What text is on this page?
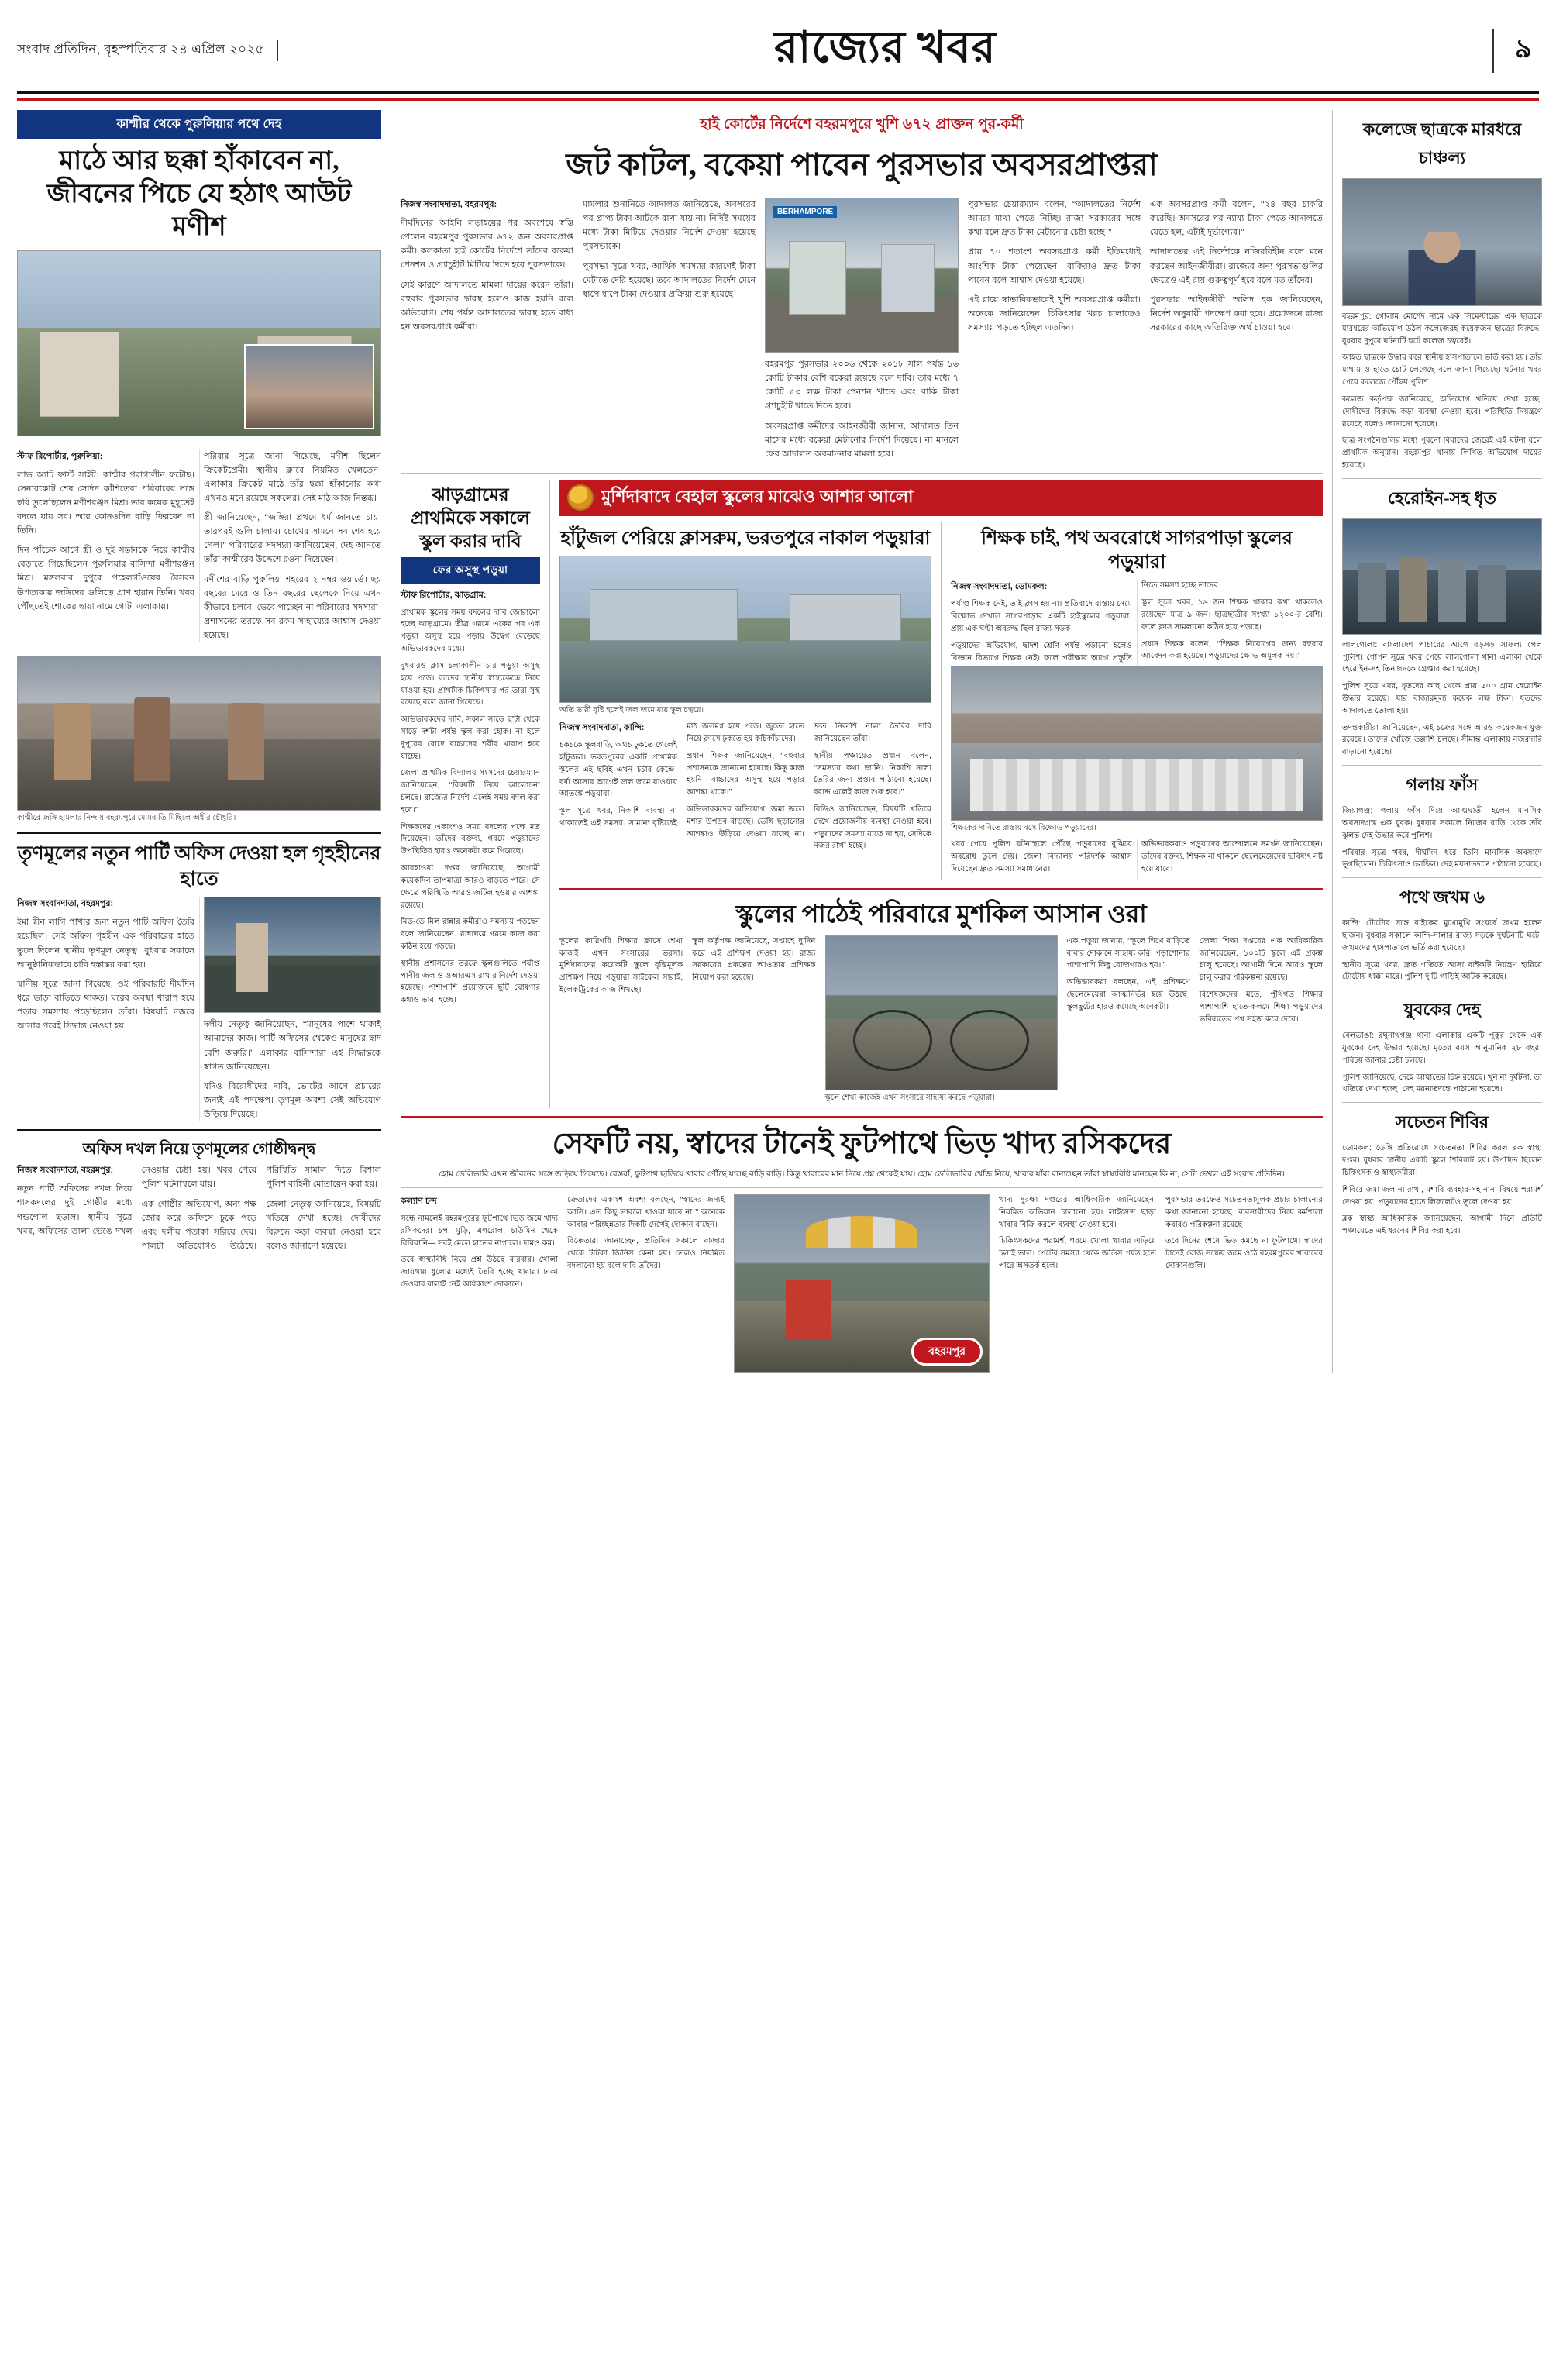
সংবাদ প্রতিদিন, বৃহস্পতিবার ২৪ এপ্রিল ২০২৫	রাজ্যের খবর	৯
কাশ্মীর থেকে পুরুলিয়ার পথে দেহ
মাঠে আর ছক্কা হাঁকাবেন না, জীবনের পিচে যে হঠাৎ আউট মণীশ
স্টাফ রিপোর্টার, পুরুলিয়া:

লাভ অ্যাট ফার্স্ট সাইট। কাশ্মীর পরাগালীন ফটোছ। সেনারকোট শেষ সেদিন কাঁশিতেরা পরিবারের সঙ্গে ছবি তুলেছিলেন মণীশরঞ্জন মিশ্র। তার কয়েক মুহূর্তেই বদলে যায় সব। আর কোনওদিন বাড়ি ফিরবেন না তিনি।

দিন পাঁচেক আগে স্ত্রী ও দুই সন্তানকে নিয়ে কাশ্মীর বেড়াতে গিয়েছিলেন পুরুলিয়ার বাসিন্দা মণীশরঞ্জন মিশ্র। মঙ্গলবার দুপুরে পহেলগাঁওয়ের বৈসরন উপত্যকায় জঙ্গিদের গুলিতে প্রাণ হারান তিনি। খবর পৌঁছতেই শোকের ছায়া নামে গোটা এলাকায়।

পরিবার সূত্রে জানা গিয়েছে, মণীশ ছিলেন ক্রিকেটপ্রেমী। স্থানীয় ক্লাবে নিয়মিত খেলতেন। এলাকার ক্রিকেট মাঠে তাঁর ছক্কা হাঁকানোর কথা এখনও মনে রয়েছে সকলের। সেই মাঠ আজ নিস্তব্ধ।

স্ত্রী জানিয়েছেন, ‘‘জঙ্গিরা প্রথমে ধর্ম জানতে চায়। তারপরই গুলি চালায়। চোখের সামনে সব শেষ হয়ে গেল।’’ পরিবারের সদস্যরা জানিয়েছেন, দেহ আনতে তাঁরা কাশ্মীরের উদ্দেশে রওনা দিয়েছেন।

মণীশের বাড়ি পুরুলিয়া শহরের ২ নম্বর ওয়ার্ডে। ছয় বছরের মেয়ে ও তিন বছরের ছেলেকে নিয়ে এখন কীভাবে চলবে, ভেবে পাচ্ছেন না পরিবারের সদস্যরা। প্রশাসনের তরফে সব রকম সাহায্যের আশ্বাস দেওয়া হয়েছে।

কাশ্মীরে জঙ্গি হামলার নিন্দায় বহরমপুরে মোমবাতি মিছিলে অধীর চৌধুরি।
তৃণমূলের নতুন পার্টি অফিস দেওয়া হল গৃহহীনের হাতে
নিজস্ব সংবাদদাতা, বহরমপুর:

ইমা দ্বীন লাগি পাখার জন্য নতুন পার্টি অফিস তৈরি হয়েছিল। সেই অফিস গৃহহীন এক পরিবারের হাতে তুলে দিলেন স্থানীয় তৃণমূল নেতৃত্ব। বুধবার সকালে আনুষ্ঠানিকভাবে চাবি হস্তান্তর করা হয়।

স্থানীয় সূত্রে জানা গিয়েছে, ওই পরিবারটি দীর্ঘদিন ধরে ভাড়া বাড়িতে থাকত। ঘরের অবস্থা খারাপ হয়ে পড়ায় সমস্যায় পড়েছিলেন তাঁরা। বিষয়টি নজরে আসার পরেই সিদ্ধান্ত নেওয়া হয়।	দলীয় নেতৃত্ব জানিয়েছেন, ‘‘মানুষের পাশে থাকাই আমাদের কাজ। পার্টি অফিসের থেকেও মানুষের ছাদ বেশি জরুরি।’’ এলাকার বাসিন্দারা এই সিদ্ধান্তকে স্বাগত জানিয়েছেন।

যদিও বিরোধীদের দাবি, ভোটের আগে প্রচারের জন্যই এই পদক্ষেপ। তৃণমূল অবশ্য সেই অভিযোগ উড়িয়ে দিয়েছে।

অফিস দখল নিয়ে তৃণমূলের গোষ্ঠীদ্বন্দ্ব
নিজস্ব সংবাদদাতা, বহরমপুর:

নতুন পার্টি অফিসের দখল নিয়ে শাসকদলের দুই গোষ্ঠীর মধ্যে গন্ডগোল ছড়াল। স্থানীয় সূত্রে খবর, অফিসের তালা ভেঙে দখল নেওয়ার চেষ্টা হয়। খবর পেয়ে পুলিশ ঘটনাস্থলে যায়।

এক গোষ্ঠীর অভিযোগ, অন্য পক্ষ জোর করে অফিসে ঢুকে পড়ে এবং দলীয় পতাকা সরিয়ে দেয়। পালটা অভিযোগও উঠেছে। পরিস্থিতি সামাল দিতে বিশাল পুলিশ বাহিনী মোতায়েন করা হয়।

জেলা নেতৃত্ব জানিয়েছে, বিষয়টি খতিয়ে দেখা হচ্ছে। দোষীদের বিরুদ্ধে কড়া ব্যবস্থা নেওয়া হবে বলেও জানানো হয়েছে।

হাই কোর্টের নির্দেশে বহরমপুরে খুশি ৬৭২ প্রাক্তন পুর-কর্মী
জট কাটল, বকেয়া পাবেন পুরসভার অবসরপ্রাপ্তরা
নিজস্ব সংবাদদাতা, বহরমপুর:

দীর্ঘদিনের আইনি লড়াইয়ের পর অবশেষে স্বস্তি পেলেন বহরমপুর পুরসভার ৬৭২ জন অবসরপ্রাপ্ত কর্মী। কলকাতা হাই কোর্টের নির্দেশে তাঁদের বকেয়া পেনশন ও গ্র্যাচুইটি মিটিয়ে দিতে হবে পুরসভাকে।

সেই কারণে আদালতে মামলা দায়ের করেন তাঁরা। বহুবার পুরসভার দ্বারস্থ হলেও কাজ হয়নি বলে অভিযোগ। শেষ পর্যন্ত আদালতের দ্বারস্থ হতে বাধ্য হন অবসরপ্রাপ্ত কর্মীরা।

মামলার শুনানিতে আদালত জানিয়েছে, অবসরের পর প্রাপ্য টাকা আটকে রাখা যায় না। নির্দিষ্ট সময়ের মধ্যে টাকা মিটিয়ে দেওয়ার নির্দেশ দেওয়া হয়েছে পুরসভাকে।

পুরসভা সূত্রে খবর, আর্থিক সমস্যার কারণেই টাকা মেটাতে দেরি হয়েছে। তবে আদালতের নির্দেশ মেনে ধাপে ধাপে টাকা দেওয়ার প্রক্রিয়া শুরু হয়েছে।

BERHAMPORE

বহরমপুর পুরসভার ২০০৬ থেকে ২০১৮ সাল পর্যন্ত ১৬ কোটি টাকার বেশি বকেয়া রয়েছে বলে দাবি। তার মধ্যে ৭ কোটি ৫৩ লক্ষ টাকা পেনশন খাতে এবং বাকি টাকা গ্র্যাচুইটি খাতে দিতে হবে।

অবসরপ্রাপ্ত কর্মীদের আইনজীবী জানান, আদালত তিন মাসের মধ্যে বকেয়া মেটানোর নির্দেশ দিয়েছে। না মানলে ফের আদালত অবমাননার মামলা হবে।

পুরসভার চেয়ারম্যান বলেন, ‘‘আদালতের নির্দেশ আমরা মাথা পেতে নিচ্ছি। রাজ্য সরকারের সঙ্গে কথা বলে দ্রুত টাকা মেটানোর চেষ্টা হচ্ছে।’’

প্রায় ৭০ শতাংশ অবসরপ্রাপ্ত কর্মী ইতিমধ্যেই আংশিক টাকা পেয়েছেন। বাকিরাও দ্রুত টাকা পাবেন বলে আশ্বাস দেওয়া হয়েছে।

এই রায়ে স্বাভাবিকভাবেই খুশি অবসরপ্রাপ্ত কর্মীরা। অনেকে জানিয়েছেন, চিকিৎসার খরচ চালাতেও সমস্যায় পড়তে হচ্ছিল এতদিন।

এক অবসরপ্রাপ্ত কর্মী বলেন, ‘‘২৪ বছর চাকরি করেছি। অবসরের পর ন্যায্য টাকা পেতে আদালতে যেতে হল, এটাই দুর্ভাগ্যের।’’

আদালতের এই নির্দেশকে নজিরবিহীন বলে মনে করছেন আইনজীবীরা। রাজ্যের অন্য পুরসভাগুলির ক্ষেত্রেও এই রায় গুরুত্বপূর্ণ হবে বলে মত তাঁদের।

পুরসভার আইনজীবী অলিদ হক জানিয়েছেন, নির্দেশ অনুযায়ী পদক্ষেপ করা হবে। প্রয়োজনে রাজ্য সরকারের কাছে অতিরিক্ত অর্থ চাওয়া হবে।

ঝাড়গ্রামের প্রাথমিকে সকালে স্কুল করার দাবি
ফের অসুস্থ পড়ুয়া
স্টাফ রিপোর্টার, ঝাড়গ্রাম:

প্রাথমিক স্কুলের সময় বদলের দাবি জোরালো হচ্ছে ঝাড়গ্রামে। তীব্র গরমে একের পর এক পড়ুয়া অসুস্থ হয়ে পড়ায় উদ্বেগ বেড়েছে অভিভাবকদের মধ্যে।

বুধবারও ক্লাস চলাকালীন চার পড়ুয়া অসুস্থ হয়ে পড়ে। তাদের স্থানীয় স্বাস্থ্যকেন্দ্রে নিয়ে যাওয়া হয়। প্রাথমিক চিকিৎসার পর তারা সুস্থ রয়েছে বলে জানা গিয়েছে।

অভিভাবকদের দাবি, সকাল সাড়ে ছ’টা থেকে সাড়ে দশটা পর্যন্ত স্কুল করা হোক। না হলে দুপুরের রোদে বাচ্চাদের শরীর খারাপ হয়ে যাচ্ছে।

জেলা প্রাথমিক বিদ্যালয় সংসদের চেয়ারম্যান জানিয়েছেন, ‘‘বিষয়টি নিয়ে আলোচনা চলছে। রাজ্যের নির্দেশ এলেই সময় বদল করা হবে।’’

শিক্ষকদের একাংশও সময় বদলের পক্ষে মত দিয়েছেন। তাঁদের বক্তব্য, গরমে পড়ুয়াদের উপস্থিতির হারও অনেকটা কমে গিয়েছে।

আবহাওয়া দপ্তর জানিয়েছে, আগামী কয়েকদিন তাপমাত্রা আরও বাড়তে পারে। সে ক্ষেত্রে পরিস্থিতি আরও জটিল হওয়ার আশঙ্কা রয়েছে।

মিড-ডে মিল রান্নার কর্মীরাও সমস্যায় পড়ছেন বলে জানিয়েছেন। রান্নাঘরে গরমে কাজ করা কঠিন হয়ে পড়ছে।

স্থানীয় প্রশাসনের তরফে স্কুলগুলিতে পর্যাপ্ত পানীয় জল ও ওআরএস রাখার নির্দেশ দেওয়া হয়েছে। পাশাপাশি প্রয়োজনে ছুটি ঘোষণার কথাও ভাবা হচ্ছে।

মুর্শিদাবাদে বেহাল স্কুলের মাঝেও আশার আলো
হাঁটুজল পেরিয়ে ক্লাসরুম, ভরতপুরে নাকাল পড়ুয়ারা
অতি ভারী বৃষ্টি হলেই জল জমে যায় স্কুল চত্বরে।
নিজস্ব সংবাদদাতা, কান্দি:

চকচকে স্কুলবাড়ি, অথচ ঢুকতে গেলেই হাঁটুজল। ভরতপুরের একটি প্রাথমিক স্কুলের এই ছবিই এখন চর্চার কেন্দ্রে। বর্ষা আসার আগেই জল জমে যাওয়ায় আতঙ্কে পড়ুয়ারা।

স্কুল সূত্রে খবর, নিকাশি ব্যবস্থা না থাকাতেই এই সমস্যা। সামান্য বৃষ্টিতেই মাঠ জলমগ্ন হয়ে পড়ে। জুতো হাতে নিয়ে ক্লাসে ঢুকতে হয় কচিকাঁচাদের।

প্রধান শিক্ষক জানিয়েছেন, ‘‘বহুবার প্রশাসনকে জানানো হয়েছে। কিন্তু কাজ হয়নি। বাচ্চাদের অসুস্থ হয়ে পড়ার আশঙ্কা থাকে।’’

অভিভাবকদের অভিযোগ, জমা জলে মশার উপদ্রব বাড়ছে। ডেঙ্গি ছড়ানোর আশঙ্কাও উড়িয়ে দেওয়া যাচ্ছে না। দ্রুত নিকাশি নালা তৈরির দাবি জানিয়েছেন তাঁরা।

স্থানীয় পঞ্চায়েত প্রধান বলেন, ‘‘সমস্যার কথা জানি। নিকাশি নালা তৈরির জন্য প্রস্তাব পাঠানো হয়েছে। বরাদ্দ এলেই কাজ শুরু হবে।’’

বিডিও জানিয়েছেন, বিষয়টি খতিয়ে দেখে প্রয়োজনীয় ব্যবস্থা নেওয়া হবে। পড়ুয়াদের সমস্যা যাতে না হয়, সেদিকে নজর রাখা হচ্ছে।

শিক্ষক চাই, পথ অবরোধে সাগরপাড়া স্কুলের পড়ুয়ারা
নিজস্ব সংবাদদাতা, ডোমকল:

পর্যাপ্ত শিক্ষক নেই, তাই ক্লাস হয় না। প্রতিবাদে রাস্তায় নেমে বিক্ষোভ দেখাল সাগরপাড়ার একটি হাইস্কুলের পড়ুয়ারা। প্রায় এক ঘণ্টা অবরুদ্ধ ছিল রাজ্য সড়ক।

পড়ুয়াদের অভিযোগ, দ্বাদশ শ্রেণি পর্যন্ত পড়ানো হলেও বিজ্ঞান বিভাগে শিক্ষক নেই। ফলে পরীক্ষার আগে প্রস্তুতি নিতে সমস্যা হচ্ছে তাদের।

স্কুল সূত্রে খবর, ১৬ জন শিক্ষক থাকার কথা থাকলেও রয়েছেন মাত্র ৯ জন। ছাত্রছাত্রীর সংখ্যা ১২০০-র বেশি। ফলে ক্লাস সামলানো কঠিন হয়ে পড়ছে।

প্রধান শিক্ষক বলেন, ‘‘শিক্ষক নিয়োগের জন্য বহুবার আবেদন করা হয়েছে। পড়ুয়াদের ক্ষোভ অমূলক নয়।’’

শিক্ষকের দাবিতে রাস্তায় বসে বিক্ষোভ পড়ুয়াদের।

খবর পেয়ে পুলিশ ঘটনাস্থলে পৌঁছে পড়ুয়াদের বুঝিয়ে অবরোধ তুলে দেয়। জেলা বিদ্যালয় পরিদর্শক আশ্বাস দিয়েছেন দ্রুত সমস্যা সমাধানের।

অভিভাবকরাও পড়ুয়াদের আন্দোলনে সমর্থন জানিয়েছেন। তাঁদের বক্তব্য, শিক্ষক না থাকলে ছেলেমেয়েদের ভবিষ্যৎ নষ্ট হয়ে যাবে।

স্কুলের পাঠেই পরিবারে মুশকিল আসান ওরা

স্কুলের কারিগরি শিক্ষার ক্লাসে শেখা কাজই এখন সংসারের ভরসা। মুর্শিদাবাদের কয়েকটি স্কুলে বৃত্তিমূলক প্রশিক্ষণ নিয়ে পড়ুয়ারা সাইকেল সারাই, ইলেকট্রিকের কাজ শিখছে।

স্কুল কর্তৃপক্ষ জানিয়েছে, সপ্তাহে দু’দিন করে এই প্রশিক্ষণ দেওয়া হয়। রাজ্য সরকারের প্রকল্পের আওতায় প্রশিক্ষক নিয়োগ করা হয়েছে।

স্কুলে শেখা কাজেই এখন সংসারে সাহায্য করছে পড়ুয়ারা।

এক পড়ুয়া জানায়, ‘‘স্কুলে শিখে বাড়িতে বাবার দোকানে সাহায্য করি। পড়াশোনার পাশাপাশি কিছু রোজগারও হয়।’’

অভিভাবকরা বলছেন, এই প্রশিক্ষণে ছেলেমেয়েরা আত্মনির্ভর হয়ে উঠছে। স্কুলছুটের হারও কমেছে অনেকটা।

জেলা শিক্ষা দপ্তরের এক আধিকারিক জানিয়েছেন, ১০০টি স্কুলে এই প্রকল্প চালু হয়েছে। আগামী দিনে আরও স্কুলে চালু করার পরিকল্পনা রয়েছে।

বিশেষজ্ঞদের মতে, পুঁথিগত শিক্ষার পাশাপাশি হাতে-কলমে শিক্ষা পড়ুয়াদের ভবিষ্যতের পথ সহজ করে দেবে।

সেফটি নয়, স্বাদের টানেই ফুটপাথে ভিড় খাদ্য রসিকদের
হোম ডেলিভারি এখন জীবনের সঙ্গে জড়িয়ে গিয়েছে। রেস্তরাঁ, ফুটপাথ ছাড়িয়ে খাবার পৌঁছে যাচ্ছে বাড়ি বাড়ি। কিন্তু খাবারের মান নিয়ে প্রশ্ন থেকেই যায়। হোম ডেলিভারির খোঁজ নিয়ে, খাবার যাঁরা বানাচ্ছেন তাঁরা স্বাস্থ্যবিধি মানছেন কি না, সেটা দেখল এই সংবাদ প্রতিদিন।
কল্যাণ চন্দ

সন্ধে নামলেই বহরমপুরের ফুটপাথে ভিড় জমে খাদ্য রসিকদের। চপ, মুড়ি, এগরোল, চাউমিন থেকে বিরিয়ানি— সবই মেলে হাতের নাগালে। দামও কম।

তবে স্বাস্থ্যবিধি নিয়ে প্রশ্ন উঠছে বারবার। খোলা জায়গায় ধুলোর মধ্যেই তৈরি হচ্ছে খাবার। ঢাকা দেওয়ার বালাই নেই অধিকাংশ দোকানে।

ক্রেতাদের একাংশ অবশ্য বলছেন, ‘‘স্বাদের জন্যই আসি। এত কিছু ভাবলে খাওয়া যাবে না।’’ অনেকে আবার পরিচ্ছন্নতার দিকটি দেখেই দোকান বাছেন।

বিক্রেতারা জানাচ্ছেন, প্রতিদিন সকালে বাজার থেকে টাটকা জিনিস কেনা হয়। তেলও নিয়মিত বদলানো হয় বলে দাবি তাঁদের।

বহরমপুর

খাদ্য সুরক্ষা দপ্তরের আধিকারিক জানিয়েছেন, নিয়মিত অভিযান চালানো হয়। লাইসেন্স ছাড়া খাবার বিক্রি করলে ব্যবস্থা নেওয়া হবে।

চিকিৎসকদের পরামর্শ, গরমে খোলা খাবার এড়িয়ে চলাই ভাল। পেটের সমস্যা থেকে জন্ডিস পর্যন্ত হতে পারে অসতর্ক হলে।

পুরসভার তরফেও সচেতনতামূলক প্রচার চালানোর কথা জানানো হয়েছে। ব্যবসায়ীদের নিয়ে কর্মশালা করারও পরিকল্পনা রয়েছে।

তবে দিনের শেষে ভিড় কমছে না ফুটপাথে। স্বাদের টানেই রোজ সন্ধেয় জমে ওঠে বহরমপুরের খাবারের দোকানগুলি।

কলেজে ছাত্রকে মারধরে চাঞ্চল্য

বহরমপুর: গোলাম মোর্শেদ নামে এক সিমেস্টারের এক ছাত্রকে মারধরের অভিযোগ উঠল কলেজেরই কয়েকজন ছাত্রের বিরুদ্ধে। বুধবার দুপুরে ঘটনাটি ঘটে কলেজ চত্বরেই।

আহত ছাত্রকে উদ্ধার করে স্থানীয় হাসপাতালে ভর্তি করা হয়। তাঁর মাথায় ও হাতে চোট লেগেছে বলে জানা গিয়েছে। ঘটনার খবর পেয়ে কলেজে পৌঁছয় পুলিশ।

কলেজ কর্তৃপক্ষ জানিয়েছে, অভিযোগ খতিয়ে দেখা হচ্ছে। দোষীদের বিরুদ্ধে কড়া ব্যবস্থা নেওয়া হবে। পরিস্থিতি নিয়ন্ত্রণে রয়েছে বলেও জানানো হয়েছে।

ছাত্র সংগঠনগুলির মধ্যে পুরনো বিবাদের জেরেই এই ঘটনা বলে প্রাথমিক অনুমান। বহরমপুর থানায় লিখিত অভিযোগ দায়ের হয়েছে।

হেরোইন-সহ ধৃত

লালগোলা: বাংলাদেশ পাচারের আগে বড়সড় সাফল্য পেল পুলিশ। গোপন সূত্রে খবর পেয়ে লালগোলা থানা এলাকা থেকে হেরোইন-সহ তিনজনকে গ্রেপ্তার করা হয়েছে।

পুলিশ সূত্রে খবর, ধৃতদের কাছ থেকে প্রায় ৫০০ গ্রাম হেরোইন উদ্ধার হয়েছে। যার বাজারমূল্য কয়েক লক্ষ টাকা। ধৃতদের আদালতে তোলা হয়।

তদন্তকারীরা জানিয়েছেন, এই চক্রের সঙ্গে আরও কয়েকজন যুক্ত রয়েছে। তাদের খোঁজে তল্লাশি চলছে। সীমান্ত এলাকায় নজরদারি বাড়ানো হয়েছে।

গলায় ফাঁস

জিয়াগঞ্জ: গলায় ফাঁস দিয়ে আত্মঘাতী হলেন মানসিক অবসাদগ্রস্ত এক যুবক। বুধবার সকালে নিজের বাড়ি থেকে তাঁর ঝুলন্ত দেহ উদ্ধার করে পুলিশ।

পরিবার সূত্রে খবর, দীর্ঘদিন ধরে তিনি মানসিক অবসাদে ভুগছিলেন। চিকিৎসাও চলছিল। দেহ ময়নাতদন্তে পাঠানো হয়েছে।

পথে জখম ৬

কান্দি: টোটোর সঙ্গে বাইকের মুখোমুখি সংঘর্ষে জখম হলেন ছ’জন। বুধবার সকালে কান্দি-সালার রাজ্য সড়কে দুর্ঘটনাটি ঘটে। জখমদের হাসপাতালে ভর্তি করা হয়েছে।

স্থানীয় সূত্রে খবর, দ্রুত গতিতে আসা বাইকটি নিয়ন্ত্রণ হারিয়ে টোটোয় ধাক্কা মারে। পুলিশ দু’টি গাড়িই আটক করেছে।

যুবকের দেহ

বেলডাঙা: রঘুনাথগঞ্জ থানা এলাকার একটি পুকুর থেকে এক যুবকের দেহ উদ্ধার হয়েছে। মৃতের বয়স আনুমানিক ২৮ বছর। পরিচয় জানার চেষ্টা চলছে।

পুলিশ জানিয়েছে, দেহে আঘাতের চিহ্ন রয়েছে। খুন না দুর্ঘটনা, তা খতিয়ে দেখা হচ্ছে। দেহ ময়নাতদন্তে পাঠানো হয়েছে।

সচেতন শিবির

ডোমকল: ডেঙ্গি প্রতিরোধে সচেতনতা শিবির করল ব্লক স্বাস্থ্য দপ্তর। বুধবার স্থানীয় একটি স্কুলে শিবিরটি হয়। উপস্থিত ছিলেন চিকিৎসক ও স্বাস্থ্যকর্মীরা।

শিবিরে জমা জল না রাখা, মশারি ব্যবহার-সহ নানা বিষয়ে পরামর্শ দেওয়া হয়। পড়ুয়াদের হাতে লিফলেটও তুলে দেওয়া হয়।

ব্লক স্বাস্থ্য আধিকারিক জানিয়েছেন, আগামী দিনে প্রতিটি পঞ্চায়েতে এই ধরনের শিবির করা হবে।
